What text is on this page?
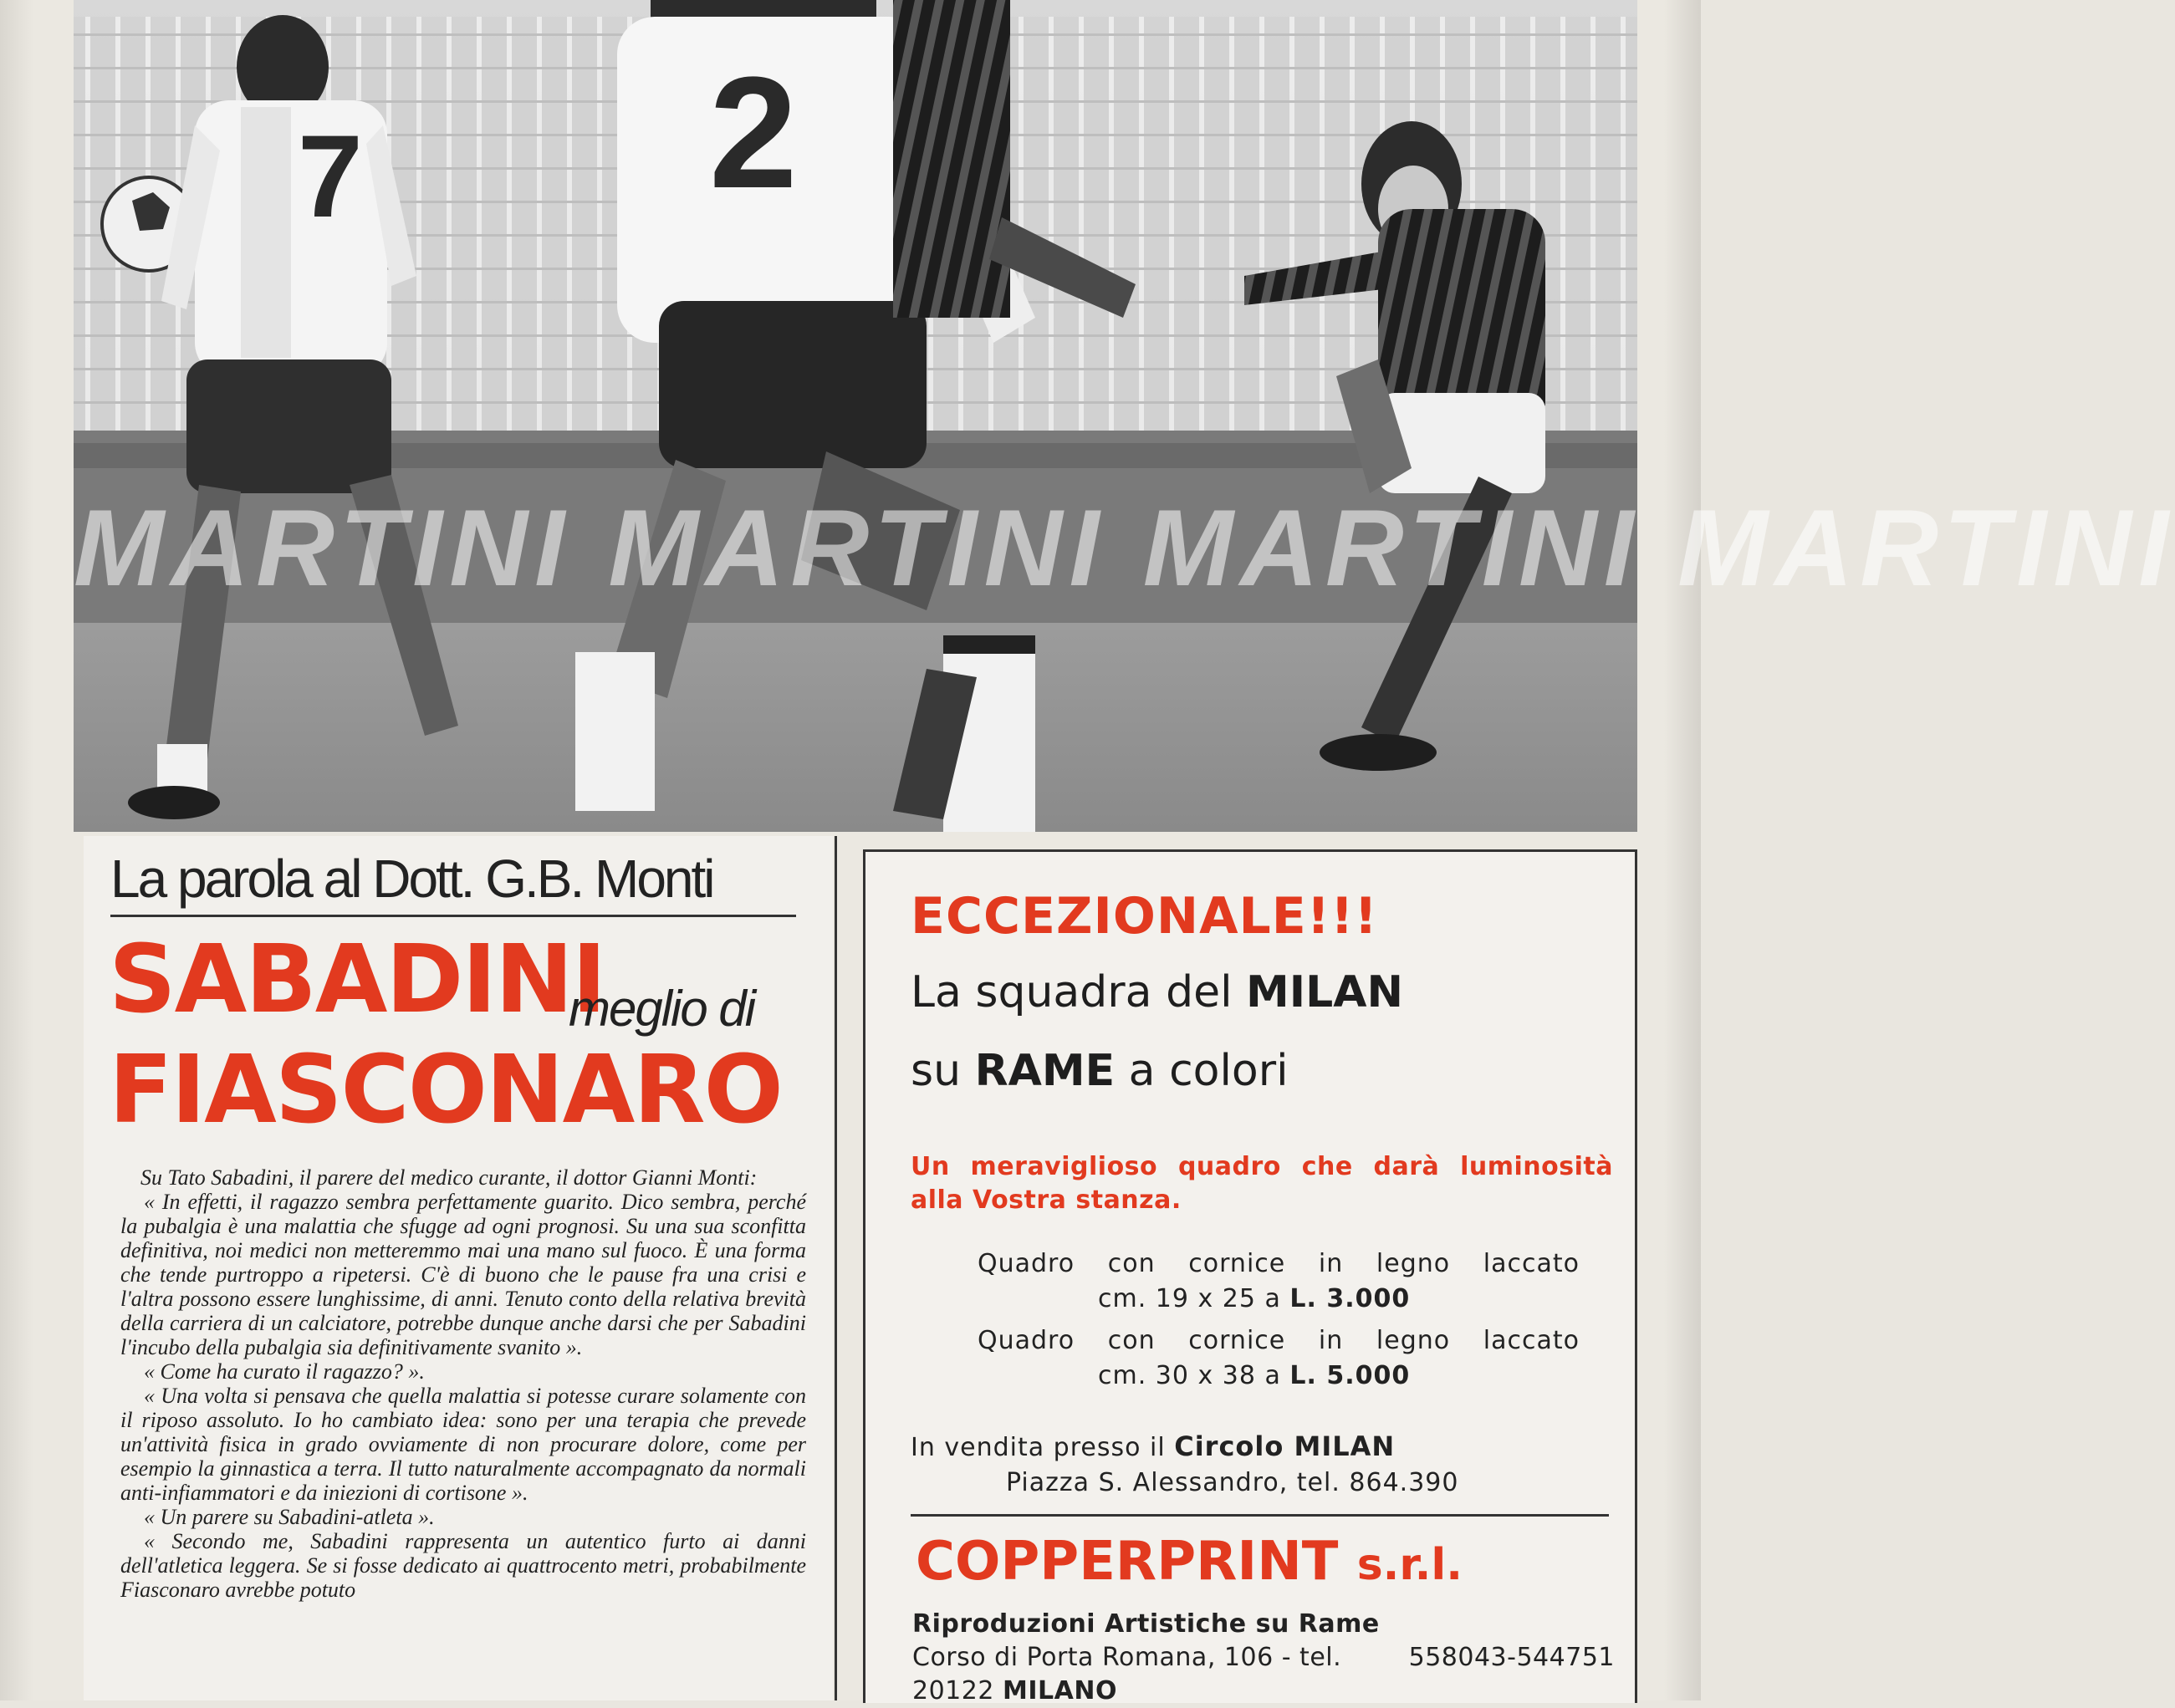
MARTINI MARTINI MARTINI MARTINI
7 2
La parola al Dott. G.B. Monti
SABADINI
meglio di
FIASCONARO

Su Tato Sabadini, il parere del medico curante, il dottor Gianni Monti:

« In effetti, il ragazzo sembra perfettamente guarito. Dico sembra, perché la pubalgia è una malattia che sfugge ad ogni prognosi. Su una sua sconfitta definitiva, noi medici non metteremmo mai una mano sul fuoco. È una forma che tende purtroppo a ripetersi. C'è di buono che le pause fra una crisi e l'altra possono essere lunghissime, di anni. Tenuto conto della relativa brevità della carriera di un calciatore, potrebbe dunque anche darsi che per Sabadini l'incubo della pubalgia sia definitivamente svanito ».

« Come ha curato il ragazzo? ».

« Una volta si pensava che quella malattia si potesse curare solamente con il riposo assoluto. Io ho cambiato idea: sono per una terapia che prevede un'attività fisica in grado ovviamente di non procurare dolore, come per esempio la ginnastica a terra. Il tutto naturalmente accompagnato da normali anti-infiammatori e da iniezioni di cortisone ».

« Un parere su Sabadini-atleta ».

« Secondo me, Sabadini rappresenta un autentico furto ai danni dell'atletica leggera. Se si fosse dedicato ai quattrocento metri, probabilmente Fiasconaro avrebbe potuto

ECCEZIONALE!!!
La squadra del MILAN
su RAME a colori
Un meraviglioso quadro che darà luminosità alla Vostra stanza.
Quadro con cornice in legno laccato
cm. 19 x 25 a L. 3.000
Quadro con cornice in legno laccato
cm. 30 x 38 a L. 5.000
In vendita presso il Circolo MILAN
Piazza S. Alessandro, tel. 864.390
COPPERPRINT s.r.l.
Riproduzioni Artistiche su Rame
Corso di Porta Romana, 106 - tel.	558043-544751
20122 MILANO
